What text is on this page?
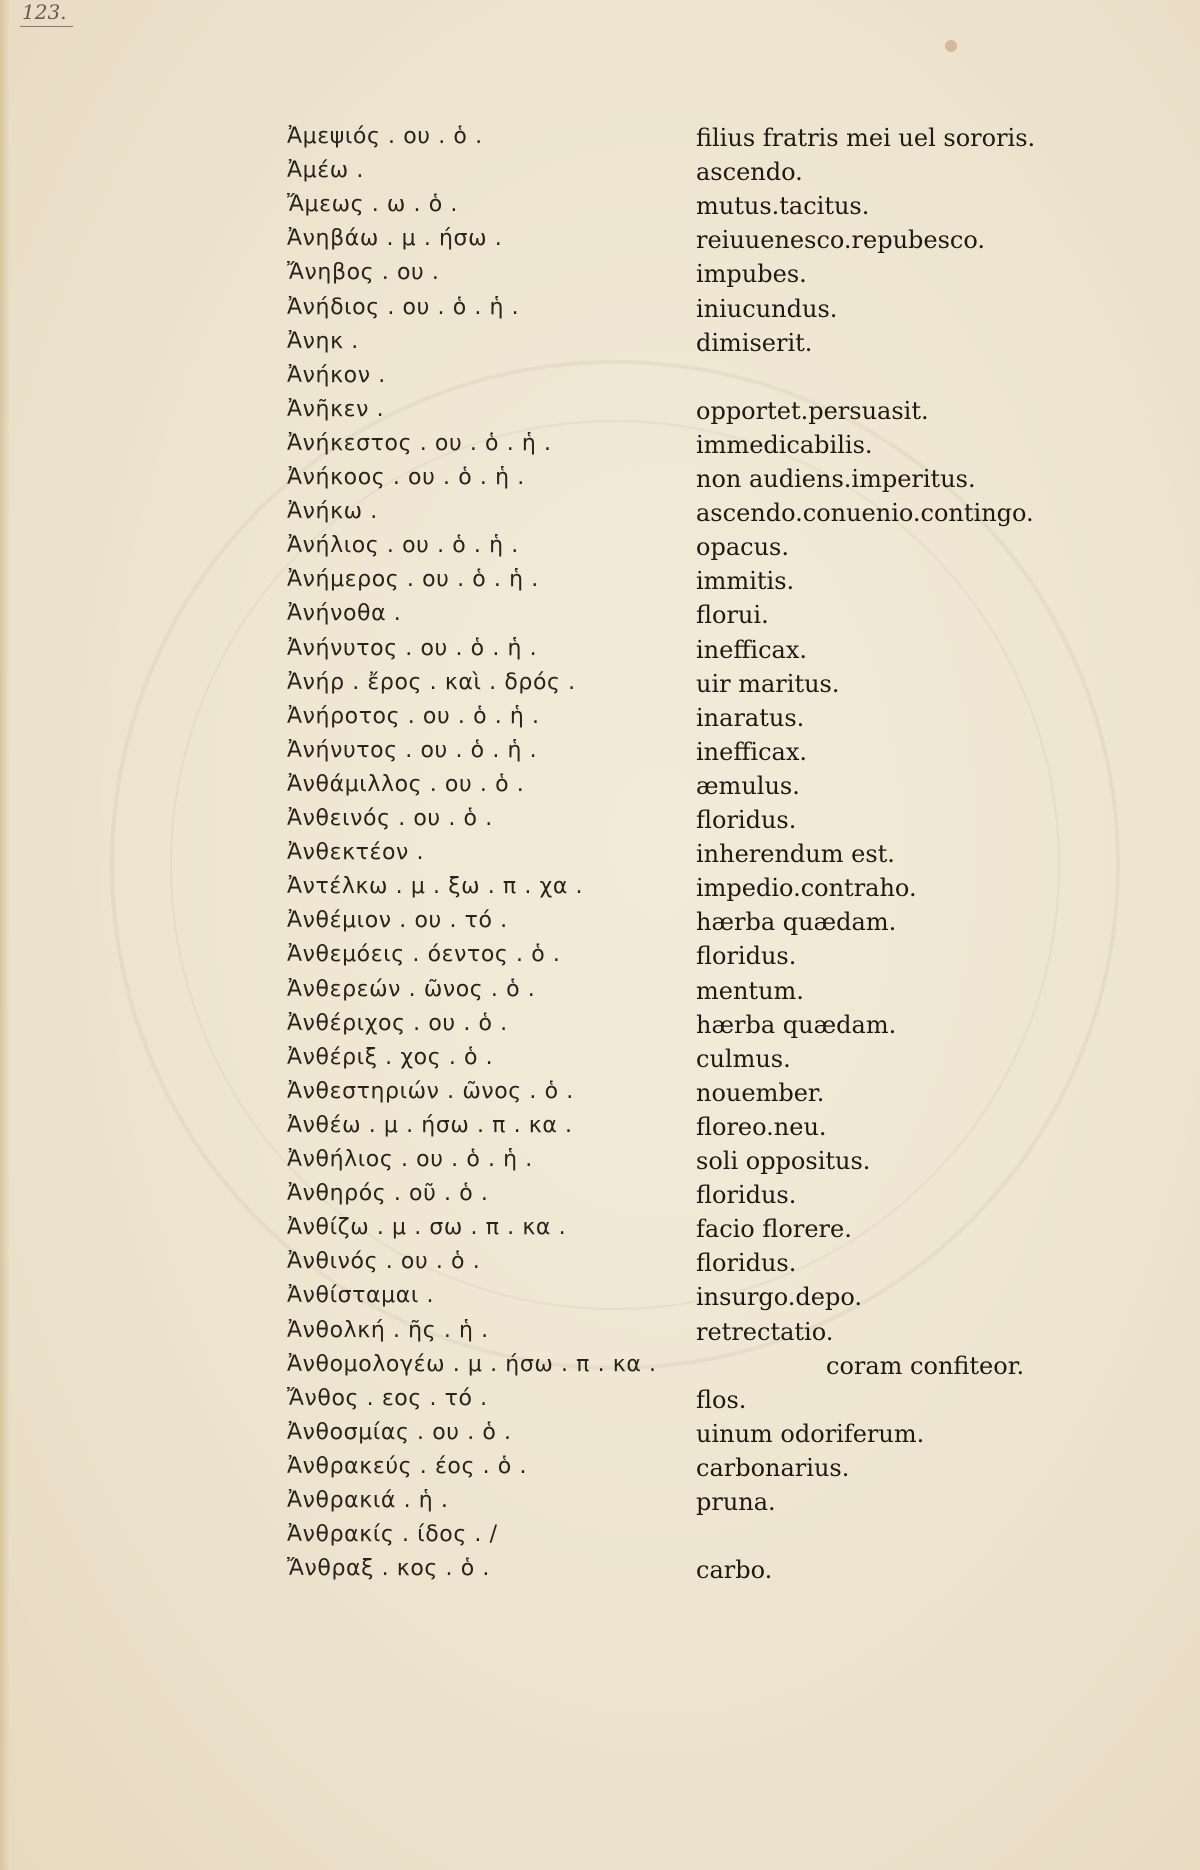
123.
Ἀμεψιός . ου . ὁ .	filius fratris mei uel sororis.
Ἀμέω .	ascendo.
Ἄμεως . ω . ὁ .	mutus.tacitus.
Ἀνηβάω . μ . ήσω .	reiuuenesco.repubesco.
Ἄνηβος . ου .	impubes.
Ἀνήδιος . ου . ὁ . ἡ .	iniucundus.
Ἀνηκ .	dimiserit.
Ἀνήκον .
Ἀνῆκεν .	opportet.persuasit.
Ἀνήκεστος . ου . ὁ . ἡ .	immedicabilis.
Ἀνήκοος . ου . ὁ . ἡ .	non audiens.imperitus.
Ἀνήκω .	ascendo.conuenio.contingo.
Ἀνήλιος . ου . ὁ . ἡ .	opacus.
Ἀνήμερος . ου . ὁ . ἡ .	immitis.
Ἀνήνοθα .	florui.
Ἀνήνυτος . ου . ὁ . ἡ .	inefficax.
Ἀνήρ . ἔρος . καὶ . δρός .	uir maritus.
Ἀνήροτος . ου . ὁ . ἡ .	inaratus.
Ἀνήνυτος . ου . ὁ . ἡ .	inefficax.
Ἀνθάμιλλος . ου . ὁ .	æmulus.
Ἀνθεινός . ου . ὁ .	floridus.
Ἀνθεκτέον .	inherendum est.
Ἀντέλκω . μ . ξω . π . χα .	impedio.contraho.
Ἀνθέμιον . ου . τό .	hærba quædam.
Ἀνθεμόεις . όεντος . ὁ .	floridus.
Ἀνθερεών . ῶνος . ὁ .	mentum.
Ἀνθέριχος . ου . ὁ .	hærba quædam.
Ἀνθέριξ . χος . ὁ .	culmus.
Ἀνθεστηριών . ῶνος . ὁ .	nouember.
Ἀνθέω . μ . ήσω . π . κα .	floreo.neu.
Ἀνθήλιος . ου . ὁ . ἡ .	soli oppositus.
Ἀνθηρός . οῦ . ὁ .	floridus.
Ἀνθίζω . μ . σω . π . κα .	facio florere.
Ἀνθινός . ου . ὁ .	floridus.
Ἀνθίσταμαι .	insurgo.depo.
Ἀνθολκή . ῆς . ἡ .	retrectatio.
Ἀνθομολογέω . μ . ήσω . π . κα .	coram confiteor.
Ἄνθος . εος . τό .	flos.
Ἀνθοσμίας . ου . ὁ .	uinum odoriferum.
Ἀνθρακεύς . έος . ὁ .	carbonarius.
Ἀνθρακιά . ἡ .	pruna.
Ἀνθρακίς . ίδος . /
Ἄνθραξ . κος . ὁ .	carbo.
